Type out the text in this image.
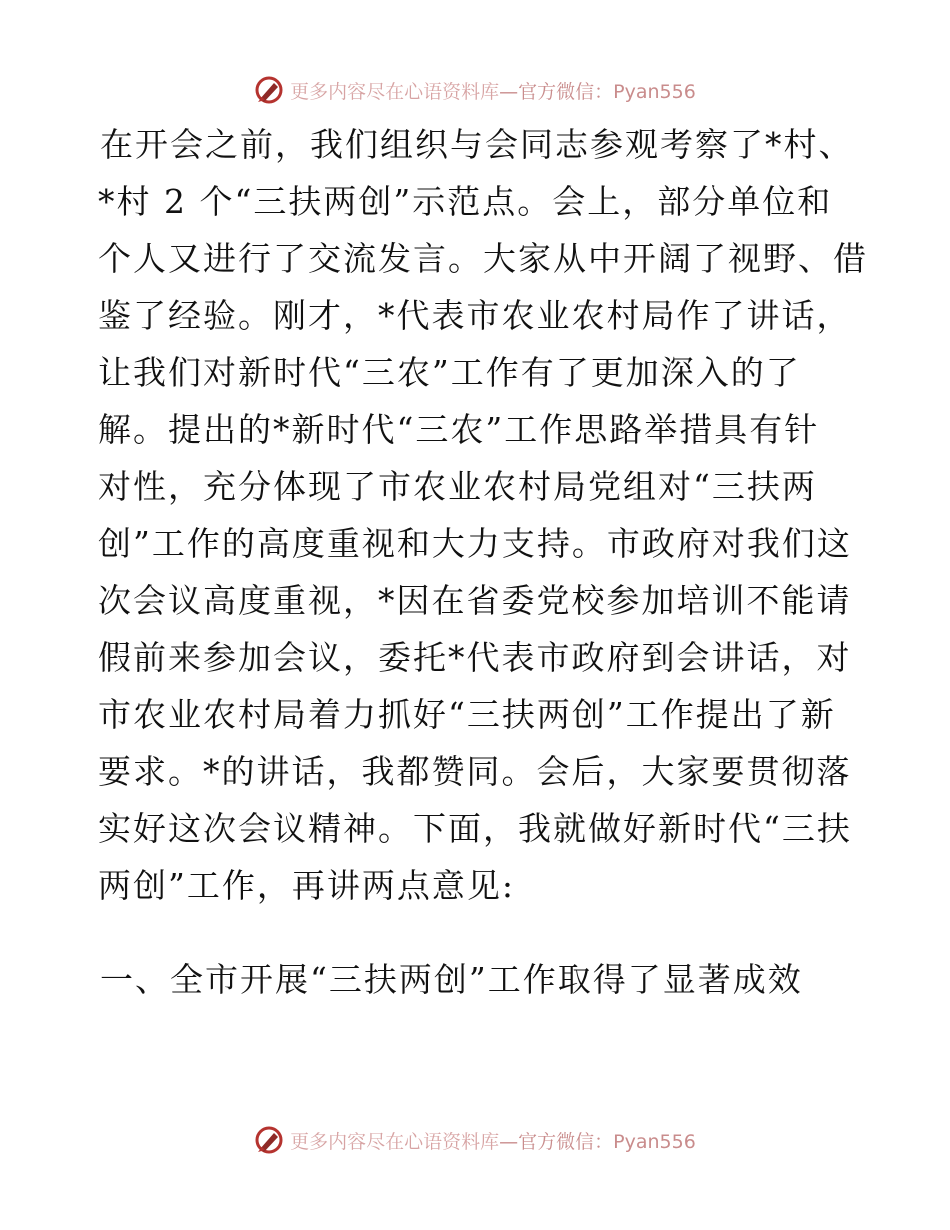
更多内容尽在心语资料库—官方微信：Pyan556
在开会之前，我们组织与会同志参观考察了*村、
*村 2 个“三扶两创”示范点。会上，部分单位和
个人又进行了交流发言。大家从中开阔了视野、借
鉴了经验。刚才，*代表市农业农村局作了讲话，
让我们对新时代“三农”工作有了更加深入的了
解。提出的*新时代“三农”工作思路举措具有针
对性，充分体现了市农业农村局党组对“三扶两
创”工作的高度重视和大力支持。市政府对我们这
次会议高度重视，*因在省委党校参加培训不能请
假前来参加会议，委托*代表市政府到会讲话，对
市农业农村局着力抓好“三扶两创”工作提出了新
要求。*的讲话，我都赞同。会后，大家要贯彻落
实好这次会议精神。下面，我就做好新时代“三扶
两创”工作，再讲两点意见:
一、全市开展“三扶两创”工作取得了显著成效
更多内容尽在心语资料库—官方微信：Pyan556
